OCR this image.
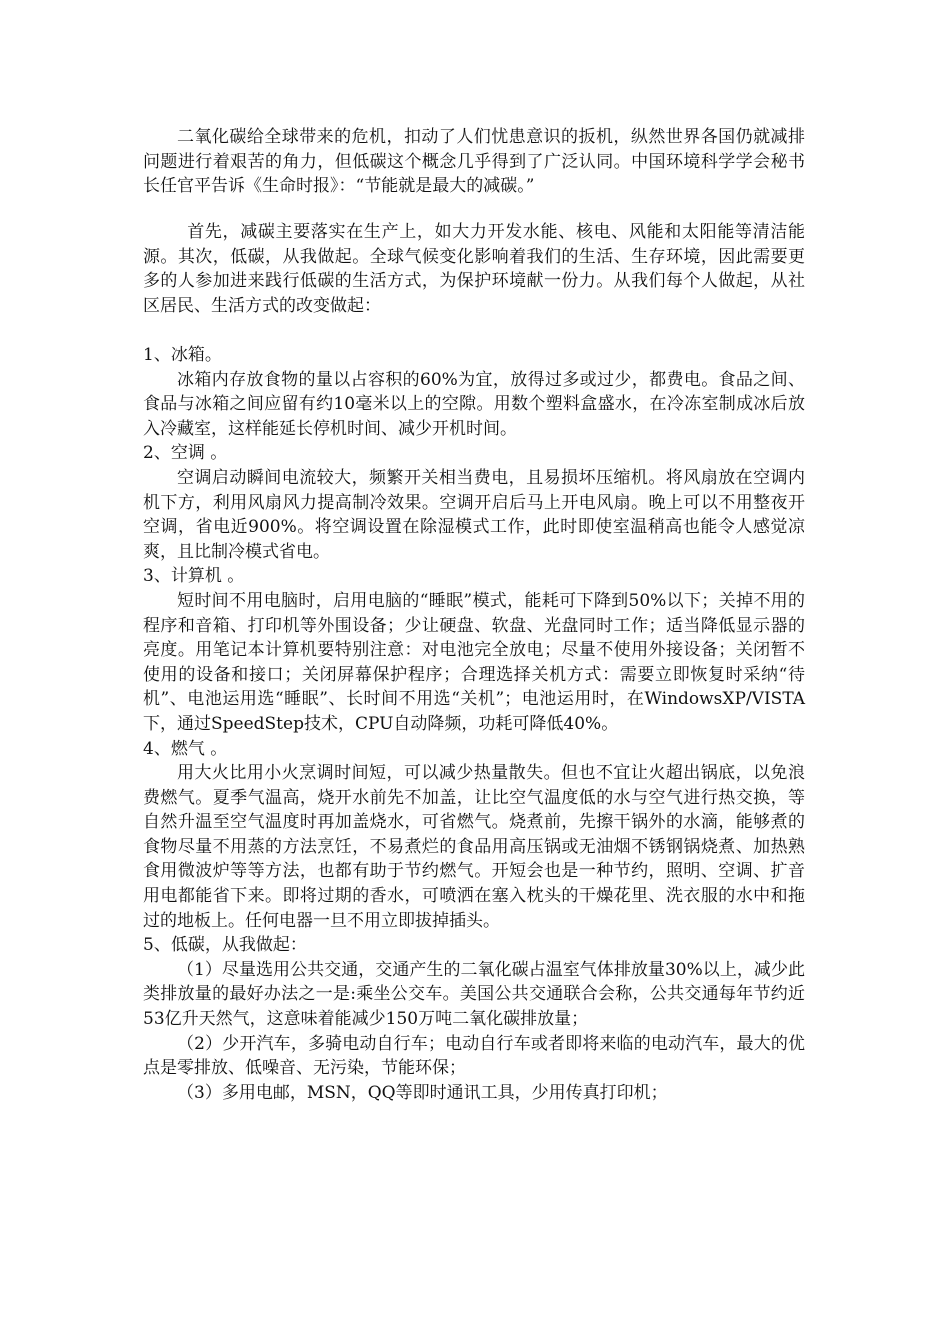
二氧化碳给全球带来的危机，扣动了人们忧患意识的扳机，纵然世界各国仍就减排问题进行着艰苦的角力，但低碳这个概念几乎得到了广泛认同。中国环境科学学会秘书长任官平告诉《生命时报》：“节能就是最大的减碳。”

首先，减碳主要落实在生产上，如大力开发水能、核电、风能和太阳能等清洁能源。其次，低碳，从我做起。全球气候变化影响着我们的生活、生存环境，因此需要更多的人参加进来践行低碳的生活方式，为保护环境献一份力。从我们每个人做起，从社区居民、生活方式的改变做起：

1、冰箱。

冰箱内存放食物的量以占容积的60%为宜，放得过多或过少，都费电。食品之间、食品与冰箱之间应留有约10毫米以上的空隙。用数个塑料盒盛水，在冷冻室制成冰后放入冷藏室，这样能延长停机时间、减少开机时间。

2、空调 。

空调启动瞬间电流较大，频繁开关相当费电，且易损坏压缩机。将风扇放在空调内机下方，利用风扇风力提高制冷效果。空调开启后马上开电风扇。晚上可以不用整夜开空调，省电近900%。将空调设置在除湿模式工作，此时即使室温稍高也能令人感觉凉爽，且比制冷模式省电。

3、计算机 。

短时间不用电脑时，启用电脑的“睡眠”模式，能耗可下降到50%以下；关掉不用的程序和音箱、打印机等外围设备；少让硬盘、软盘、光盘同时工作；适当降低显示器的亮度。用笔记本计算机要特别注意：对电池完全放电；尽量不使用外接设备；关闭暂不使用的设备和接口；关闭屏幕保护程序；合理选择关机方式：需要立即恢复时采纳“待机”、电池运用选“睡眠”、长时间不用选“关机”；电池运用时，在WindowsXP/VISTA下，通过SpeedStep技术，CPU自动降频，功耗可降低40%。

4、燃气 。

用大火比用小火烹调时间短，可以减少热量散失。但也不宜让火超出锅底，以免浪费燃气。夏季气温高，烧开水前先不加盖，让比空气温度低的水与空气进行热交换，等自然升温至空气温度时再加盖烧水，可省燃气。烧煮前，先擦干锅外的水滴，能够煮的食物尽量不用蒸的方法烹饪，不易煮烂的食品用高压锅或无油烟不锈钢锅烧煮、加热熟食用微波炉等等方法，也都有助于节约燃气。开短会也是一种节约，照明、空调、扩音用电都能省下来。即将过期的香水，可喷洒在塞入枕头的干燥花里、洗衣服的水中和拖过的地板上。任何电器一旦不用立即拔掉插头。

5、低碳，从我做起：

（1）尽量选用公共交通，交通产生的二氧化碳占温室气体排放量30%以上，减少此类排放量的最好办法之一是:乘坐公交车。美国公共交通联合会称，公共交通每年节约近53亿升天然气，这意味着能减少150万吨二氧化碳排放量；

（2）少开汽车，多骑电动自行车；电动自行车或者即将来临的电动汽车，最大的优点是零排放、低噪音、无污染，节能环保；

（3）多用电邮，MSN，QQ等即时通讯工具，少用传真打印机；
